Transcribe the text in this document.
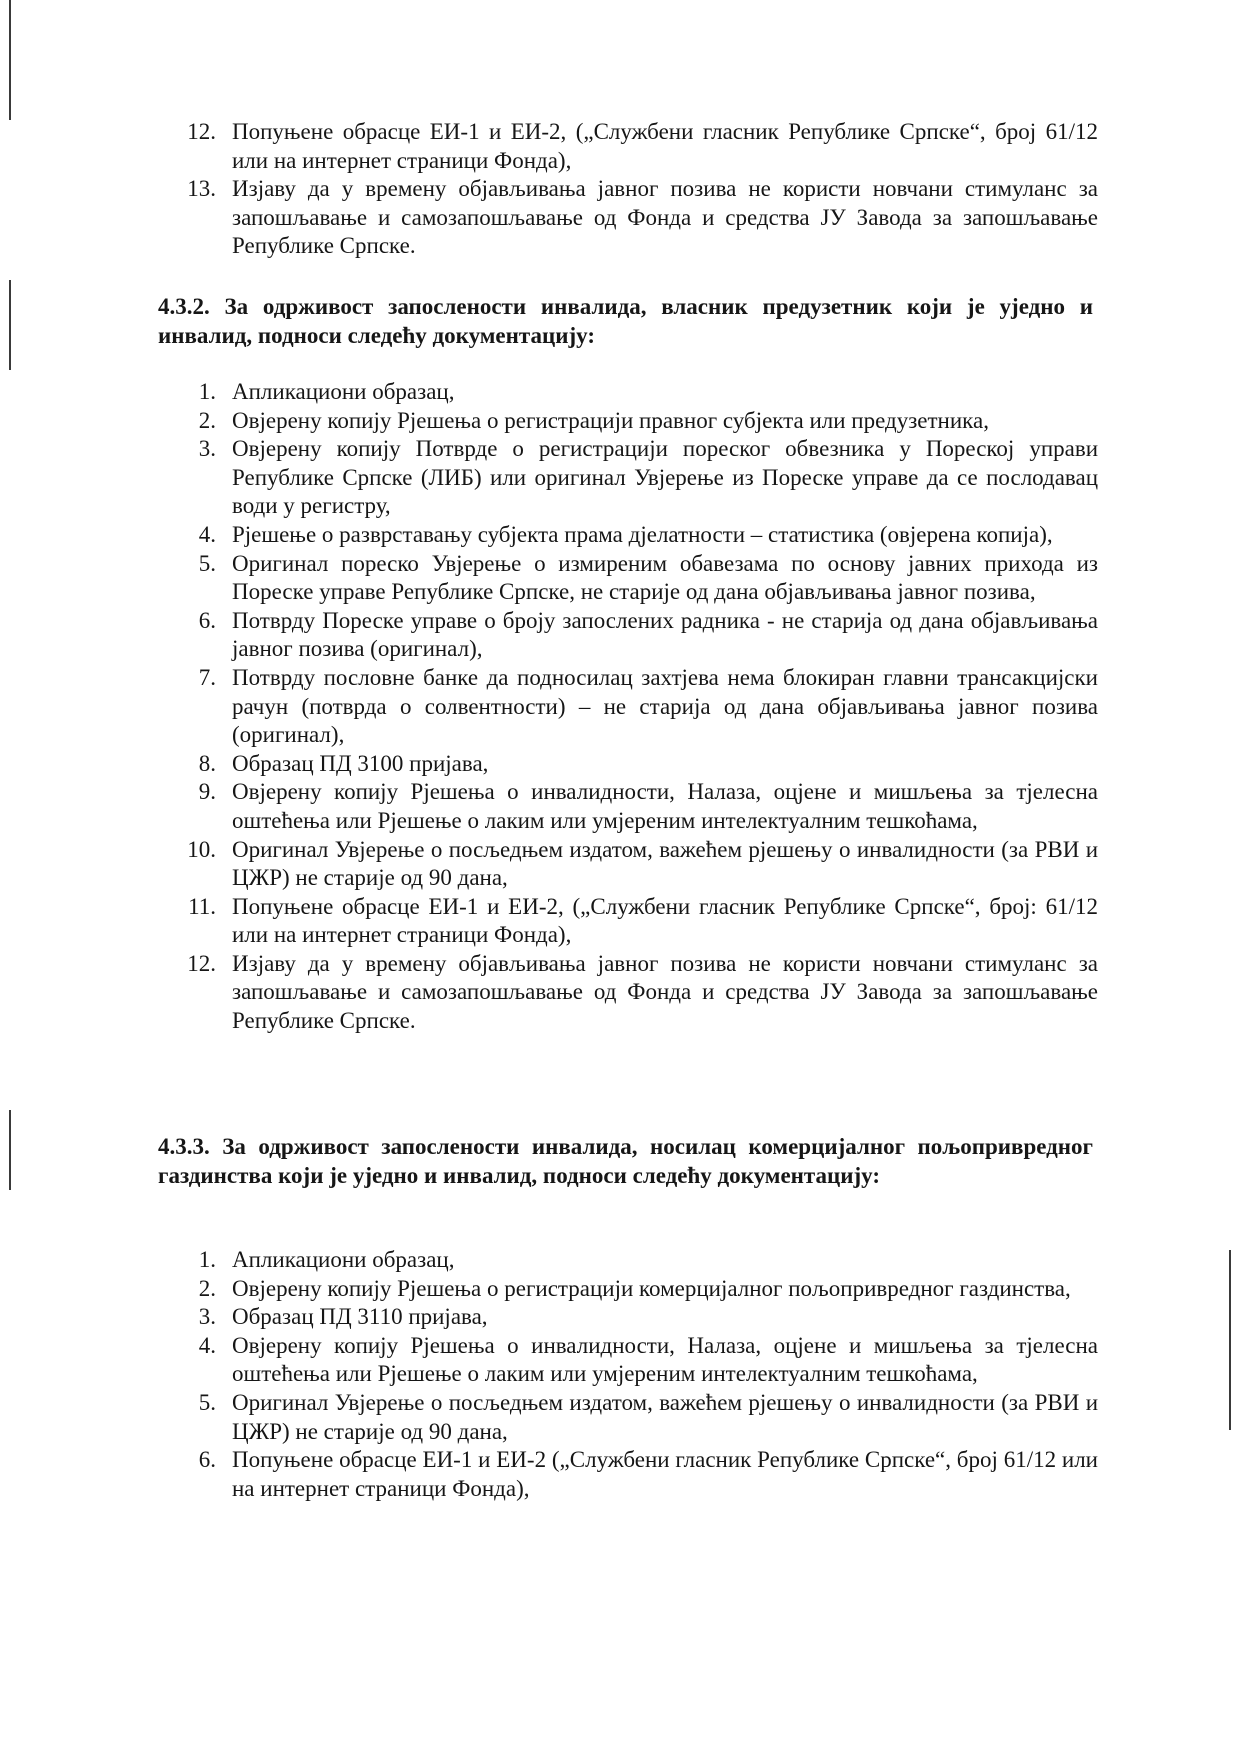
12. Попуњене обрасце ЕИ-1 и ЕИ-2, („Службени гласник Републике Српске“, број 61/12 или на интернет страници Фонда),
13. Изјаву да у времену објављивања јавног позива не користи новчани стимуланс за запошљавање и самозапошљавање од Фонда и средства ЈУ Завода за запошљавање Републике Српске.
4.3.2. За одрживост запослености инвалида, власник предузетник који је уједно и инвалид, подноси следећу документацију:
1. Апликациони образац,
2. Овјерену копију Рјешења о регистрацији правног субјекта или предузетника,
3. Овјерену копију Потврде о регистрацији пореског обвезника у Пореској управи Републике Српске (ЛИБ) или оригинал Увјерење из Пореске управе да се послодавац води у регистру,
4. Рјешење о разврставању субјекта прама дјелатности – статистика (овјерена копија),
5. Оригинал пореско Увјерење о измиреним обавезама по основу јавних прихода из Пореске управе Републике Српске, не старије од дана објављивања јавног позива,
6. Потврду Пореске управе о броју запослених радника - не старија од дана објављивања јавног позива (оригинал),
7. Потврду пословне банке да подносилац захтјева нема блокиран главни трансакцијски рачун (потврда о солвентности) – не старија од дана објављивања јавног позива (оригинал),
8. Образац ПД 3100 пријава,
9. Овјерену копију Рјешења о инвалидности, Налаза, оцјене и мишљења за тјелесна оштећења или Рјешење о лаким или умјереним интелектуалним тешкоћама,
10. Оригинал Увјерење о посљедњем издатом, важећем рјешењу о инвалидности (за РВИ и ЦЖР) не старије од 90 дана,
11. Попуњене обрасце ЕИ-1 и ЕИ-2, („Службени гласник Републике Српске“, број: 61/12 или на интернет страници Фонда),
12. Изјаву да у времену објављивања јавног позива не користи новчани стимуланс за запошљавање и самозапошљавање од Фонда и средства ЈУ Завода за запошљавање Републике Српске.
4.3.3. За одрживост запослености инвалида, носилац комерцијалног пољопривредног газдинства који је уједно и инвалид, подноси следећу документацију:
1. Апликациони образац,
2. Овјерену копију Рјешења о регистрацији комерцијалног пољопривредног газдинства,
3. Образац ПД 3110 пријава,
4. Овјерену копију Рјешења о инвалидности, Налаза, оцјене и мишљења за тјелесна оштећења или Рјешење о лаким или умјереним интелектуалним тешкоћама,
5. Оригинал Увјерење о посљедњем издатом, важећем рјешењу о инвалидности (за РВИ и ЦЖР) не старије од 90 дана,
6. Попуњене обрасце ЕИ-1 и ЕИ-2 („Службени гласник Републике Српске“, број 61/12 или на интернет страници Фонда),
